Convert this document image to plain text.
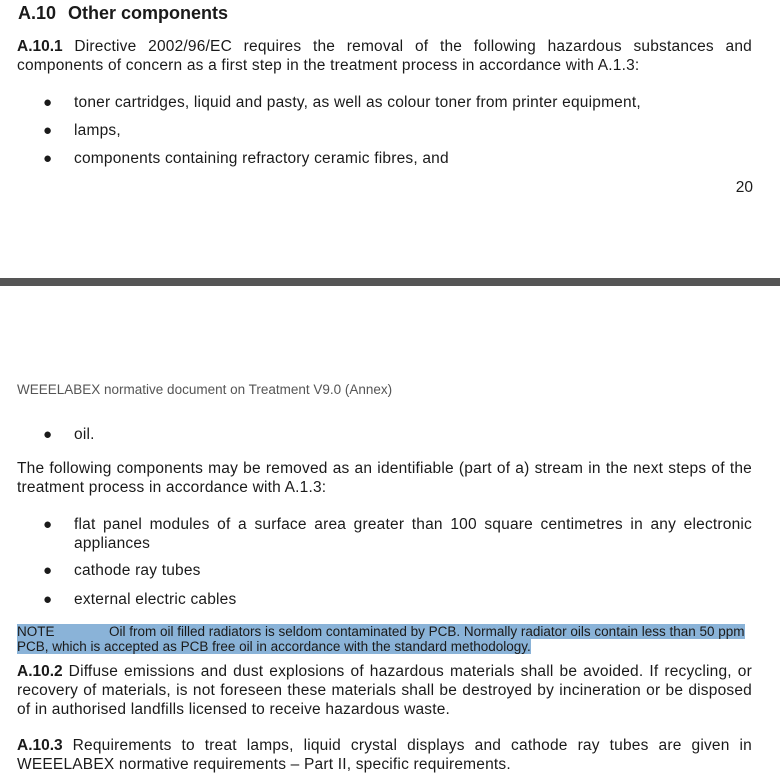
A.10 Other components
A.10.1 Directive 2002/96/EC requires the removal of the following hazardous substances and components of concern as a first step in the treatment process in accordance with A.1.3:
● toner cartridges, liquid and pasty, as well as colour toner from printer equipment,
● lamps,
● components containing refractory ceramic fibres, and
20
WEEELABEX normative document on Treatment V9.0 (Annex)
● oil.
The following components may be removed as an identifiable (part of a) stream in the next steps of the treatment process in accordance with A.1.3:
● flat panel modules of a surface area greater than 100 square centimetres in any electronic appliances
● cathode ray tubes
● external electric cables
NOTE	Oil from oil filled radiators is seldom contaminated by PCB. Normally radiator oils contain less than 50 ppm PCB, which is accepted as PCB free oil in accordance with the standard methodology.
A.10.2 Diffuse emissions and dust explosions of hazardous materials shall be avoided. If recycling, or recovery of materials, is not foreseen these materials shall be destroyed by incineration or be disposed of in authorised landfills licensed to receive hazardous waste.
A.10.3 Requirements to treat lamps, liquid crystal displays and cathode ray tubes are given in WEEELABEX normative requirements – Part II, specific requirements.
